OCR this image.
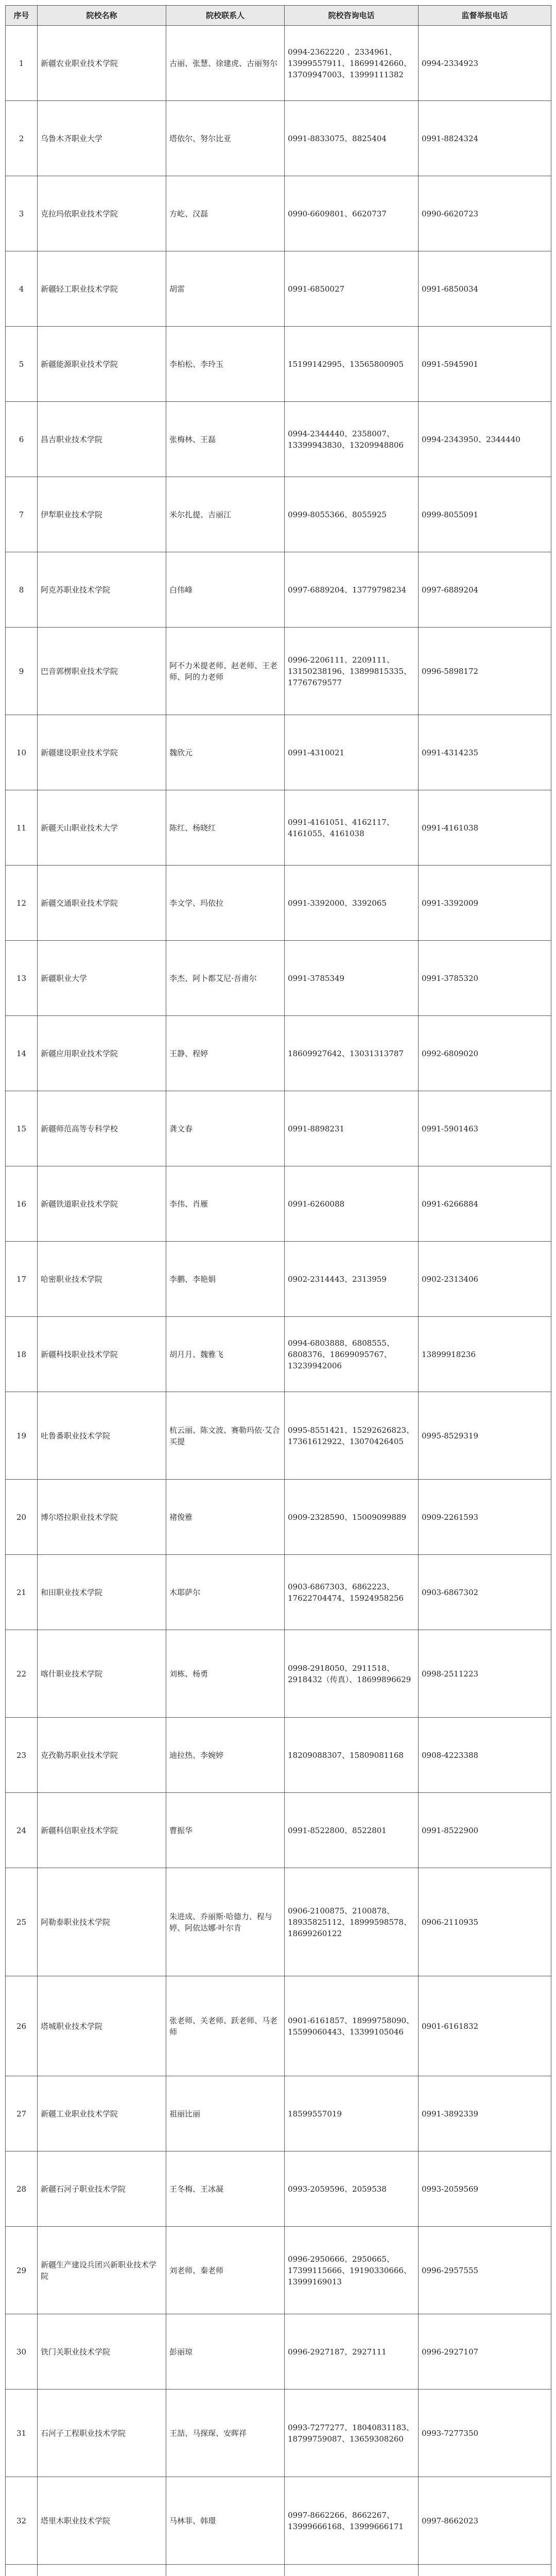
序号	院校名称	院校联系人	院校咨询电话	监督举报电话
1	新疆农业职业技术学院	古丽、张慧、徐建虎、古丽努尔	0994-2362220 、2334961、13999557911、18699142660、13709947003、13999111382	0994-2334923
2	乌鲁木齐职业大学	塔依尔、努尔比亚	0991-8833075、8825404	0991-8824324
3	克拉玛依职业技术学院	方屹、汉磊	0990-6609801、6620737	0990-6620723
4	新疆轻工职业技术学院	胡雷	0991-6850027	0991-6850034
5	新疆能源职业技术学院	李柏松、李玲玉	15199142995、13565800905	0991-5945901
6	昌吉职业技术学院	张梅林、王磊	0994-2344440、2358007、13399943830、13209948806	0994-2343950、2344440
7	伊犁职业技术学院	米尔扎提、吉丽江	0999-8055366、8055925	0999-8055091
8	阿克苏职业技术学院	白伟峰	0997-6889204、13779798234	0997-6889204
9	巴音郭楞职业技术学院	阿不力米提老师、赵老师、王老师、阿的力老师	0996-2206111、2209111、13150238196、13899815335、17767679577	0996-5898172
10	新疆建设职业技术学院	魏欣元	0991-4310021	0991-4314235
11	新疆天山职业技术大学	陈红、杨晓红	0991-4161051、4162117、4161055、4161038	0991-4161038
12	新疆交通职业技术学院	李文学、玛依拉	0991-3392000、3392065	0991-3392009
13	新疆职业大学	李杰、阿卜都艾尼·吾甫尔	0991-3785349	0991-3785320
14	新疆应用职业技术学院	王静、程婷	18609927642、13031313787	0992-6809020
15	新疆师范高等专科学校	龚文春	0991-8898231	0991-5901463
16	新疆铁道职业技术学院	李伟、肖雁	0991-6260088	0991-6266884
17	哈密职业技术学院	李鹏、李艳娟	0902-2314443、2313959	0902-2313406
18	新疆科技职业技术学院	胡月月、魏雅飞	0994-6803888、6808555、6808376、18699095767、13239942006	13899918236
19	吐鲁番职业技术学院	杭云丽、陈文波、赛勒玛依·艾合买提	0995-8551421、15292626823、17361612922、13070426405	0995-8529319
20	博尔塔拉职业技术学院	褚俊雅	0909-2328590、15009099889	0909-2261593
21	和田职业技术学院	木耶萨尔	0903-6867303、6862223、17622704474、15924958256	0903-6867302
22	喀什职业技术学院	刘栋、杨勇	0998-2918050、2911518、2918432（传真）、18699896629	0998-2511223
23	克孜勒苏职业技术学院	迪拉热、李婉婷	18209088307、15809081168	0908-4223388
24	新疆科信职业技术学院	曹振华	0991-8522800、8522801	0991-8522900
25	阿勒泰职业技术学院	朱进成、乔丽斯·哈德力、程与婷、阿依达娜·叶尔肯	0906-2100875、2100878、18935825112、18999598578、18699260122	0906-2110935
26	塔城职业技术学院	张老师、关老师、跃老师、马老师	0901-6161857、18999758090、15599060443、13399105046	0901-6161832
27	新疆工业职业技术学院	祖丽比丽	18599557019	0991-3892339
28	新疆石河子职业技术学院	王冬梅、王冰凝	0993-2059596、2059538	0993-2059569
29	新疆生产建设兵团兴新职业技术学院	刘老师、秦老师	0996-2950666、2950665、17399115666、19190330666、13999169013	0996-2957555
30	铁门关职业技术学院	彭丽琼	0996-2927187、2927111	0996-2927107
31	石河子工程职业技术学院	王喆、马探琛、安晖祥	0993-7277277、18040831183、18799759087、13659308260	0993-7277350
32	塔里木职业技术学院	马林菲、韩璟	0997-8662266、8662267、13999666168、13999666171	0997-8662023
